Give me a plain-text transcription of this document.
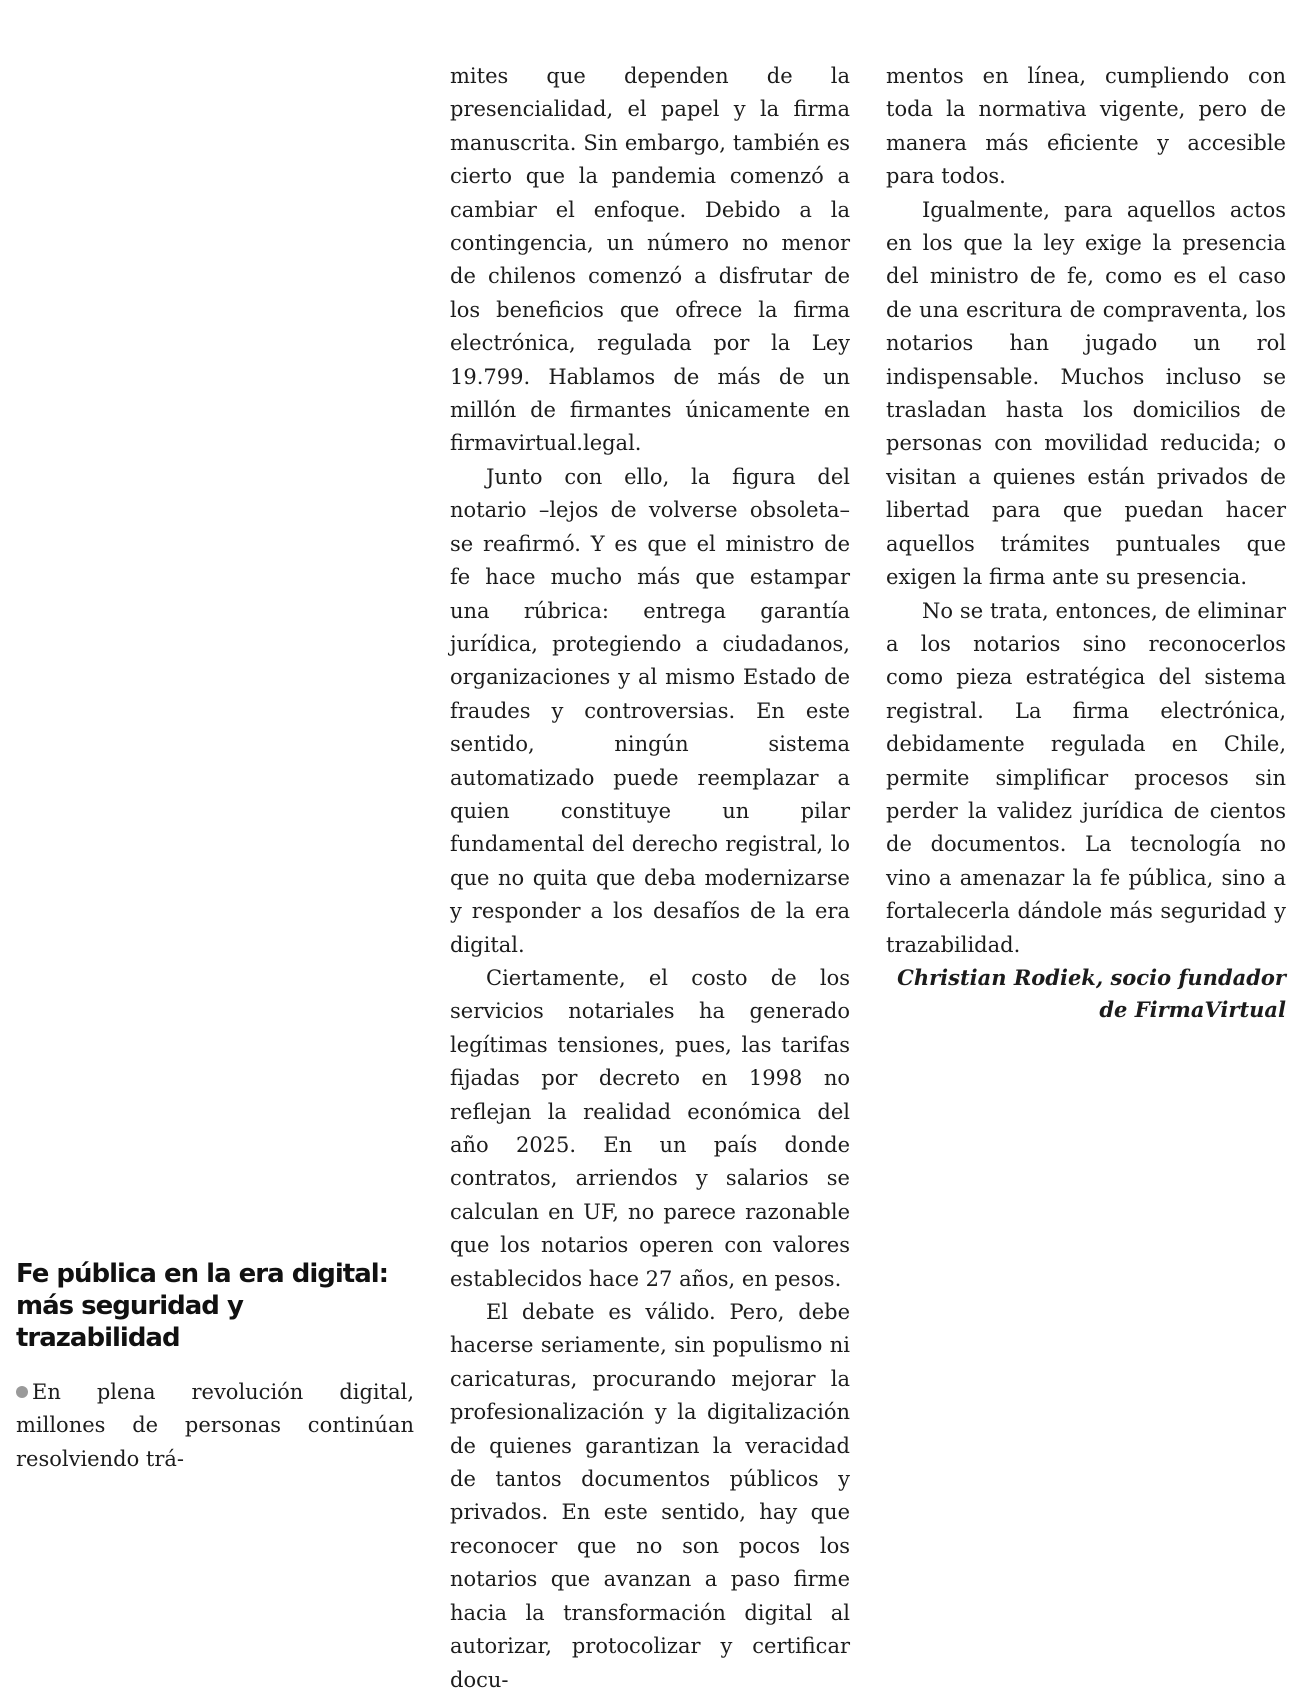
Fe pública en la era digital: más seguridad y trazabilidad

En plena revolución digital, millones de personas continúan resolviendo trá-

mites que dependen de la presencialidad, el papel y la firma manuscrita. Sin embargo, también es cierto que la pandemia comenzó a cambiar el enfoque. Debido a la contingencia, un número no menor de chilenos comenzó a disfrutar de los beneficios que ofrece la firma electrónica, regulada por la Ley 19.799. Hablamos de más de un millón de firmantes únicamente en firmavirtual.legal.

Junto con ello, la figura del notario –lejos de volverse obsoleta– se reafirmó. Y es que el ministro de fe hace mucho más que estampar una rúbrica: entrega garantía jurídica, protegiendo a ciudadanos, organizaciones y al mismo Estado de fraudes y controversias. En este sentido, ningún sistema automatizado puede reemplazar a quien constituye un pilar fundamental del derecho registral, lo que no quita que deba modernizarse y responder a los desafíos de la era digital.

Ciertamente, el costo de los servicios notariales ha generado legítimas tensiones, pues, las tarifas fijadas por decreto en 1998 no reflejan la realidad económica del año 2025. En un país donde contratos, arriendos y salarios se calculan en UF, no parece razonable que los notarios operen con valores establecidos hace 27 años, en pesos.

El debate es válido. Pero, debe hacerse seriamente, sin populismo ni caricaturas, procurando mejorar la profesionalización y la digitalización de quienes garantizan la veracidad de tantos documentos públicos y privados. En este sentido, hay que reconocer que no son pocos los notarios que avanzan a paso firme hacia la transformación digital al autorizar, protocolizar y certificar docu-

mentos en línea, cumpliendo con toda la normativa vigente, pero de manera más eficiente y accesible para todos.

Igualmente, para aquellos actos en los que la ley exige la presencia del ministro de fe, como es el caso de una escritura de compraventa, los notarios han jugado un rol indispensable. Muchos incluso se trasladan hasta los domicilios de personas con movilidad reducida; o visitan a quienes están privados de libertad para que puedan hacer aquellos trámites puntuales que exigen la firma ante su presencia.

No se trata, entonces, de eliminar a los notarios sino reconocerlos como pieza estratégica del sistema registral. La firma electrónica, debidamente regulada en Chile, permite simplificar procesos sin perder la validez jurídica de cientos de documentos. La tecnología no vino a amenazar la fe pública, sino a fortalecerla dándole más seguridad y trazabilidad.

Christian Rodiek, socio fundador de FirmaVirtual
